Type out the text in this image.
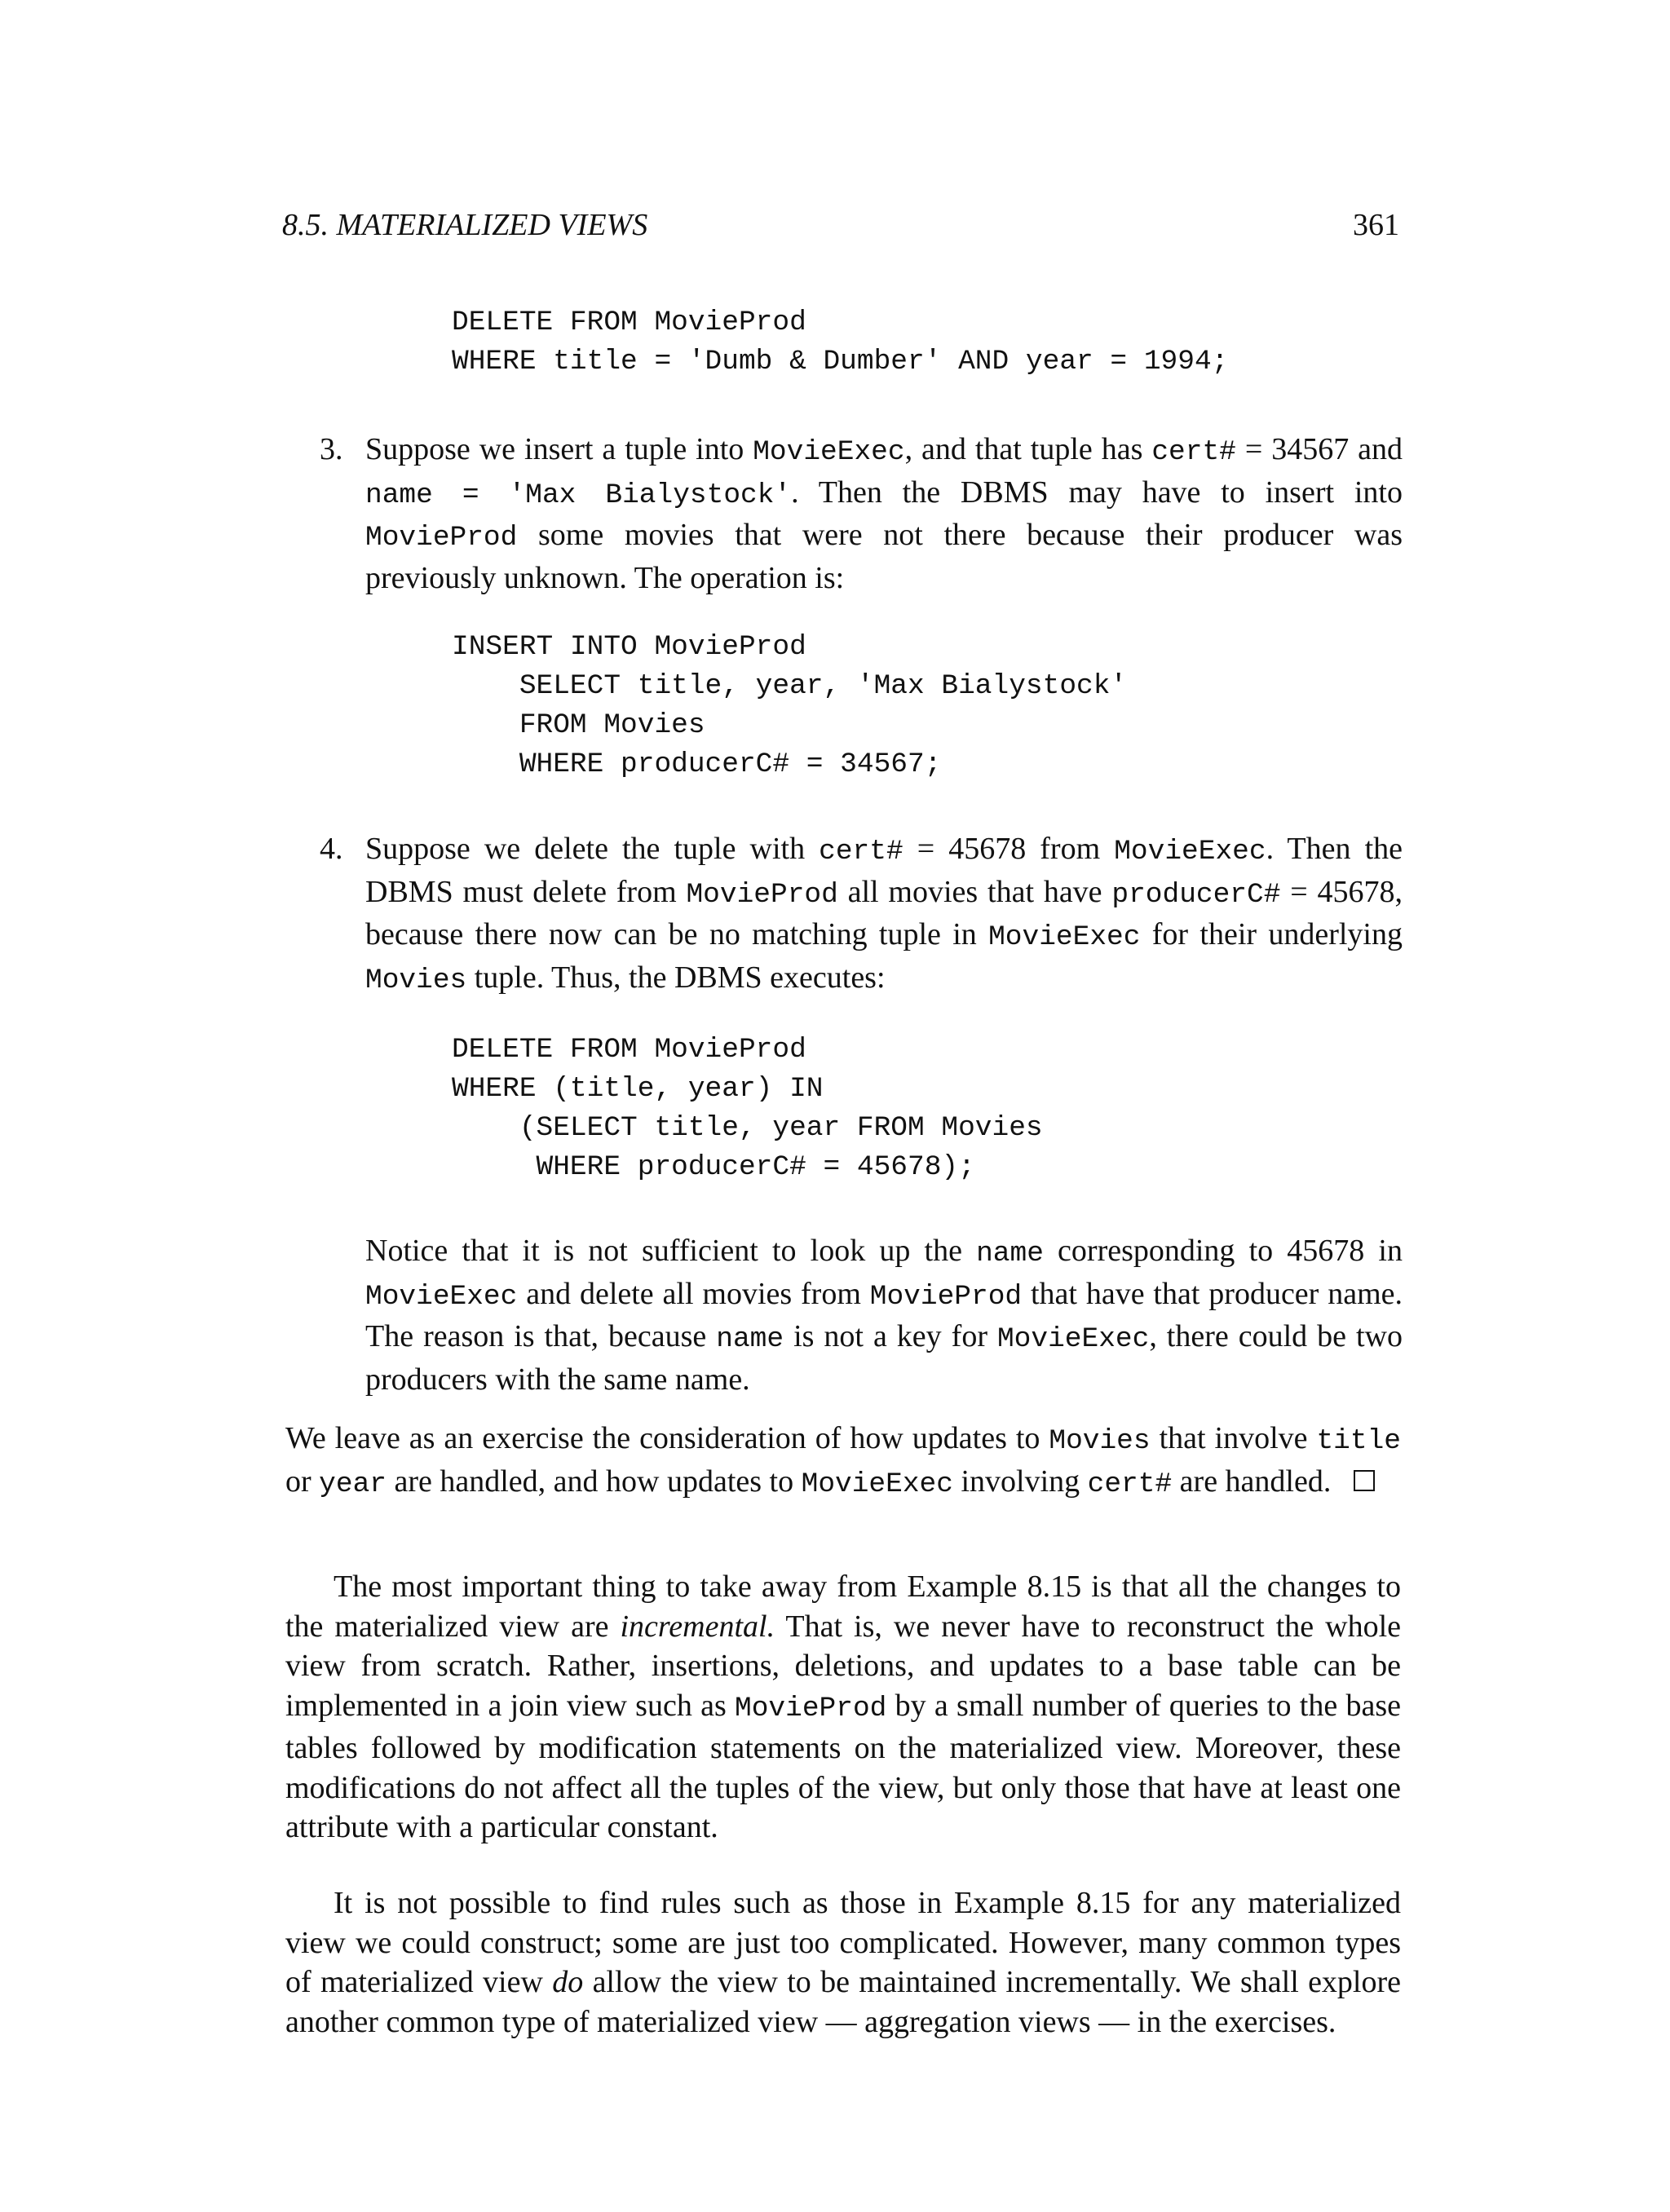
8.5. MATERIALIZED VIEWS	361
DELETE FROM MovieProd
WHERE title = 'Dumb & Dumber' AND year = 1994;
3. Suppose we insert a tuple into MovieExec, and that tuple has cert# = 34567 and name = 'Max Bialystock'. Then the DBMS may have to insert into MovieProd some movies that were not there because their producer was previously unknown. The operation is:
INSERT INTO MovieProd
SELECT title, year, 'Max Bialystock'
FROM Movies
WHERE producerC# = 34567;
4. Suppose we delete the tuple with cert# = 45678 from MovieExec. Then the DBMS must delete from MovieProd all movies that have producerC# = 45678, because there now can be no matching tuple in MovieExec for their underlying Movies tuple. Thus, the DBMS executes:
DELETE FROM MovieProd
WHERE (title, year) IN
(SELECT title, year FROM Movies
WHERE producerC# = 45678);
Notice that it is not sufficient to look up the name corresponding to 45678 in MovieExec and delete all movies from MovieProd that have that producer name. The reason is that, because name is not a key for MovieExec, there could be two producers with the same name.
We leave as an exercise the consideration of how updates to Movies that involve title or year are handled, and how updates to MovieExec involving cert# are handled.
The most important thing to take away from Example 8.15 is that all the changes to the materialized view are incremental. That is, we never have to reconstruct the whole view from scratch. Rather, insertions, deletions, and updates to a base table can be implemented in a join view such as MovieProd by a small number of queries to the base tables followed by modification statements on the materialized view. Moreover, these modifications do not affect all the tuples of the view, but only those that have at least one attribute with a particular constant.
It is not possible to find rules such as those in Example 8.15 for any materialized view we could construct; some are just too complicated. However, many common types of materialized view do allow the view to be maintained incrementally. We shall explore another common type of materialized view — aggregation views — in the exercises.
